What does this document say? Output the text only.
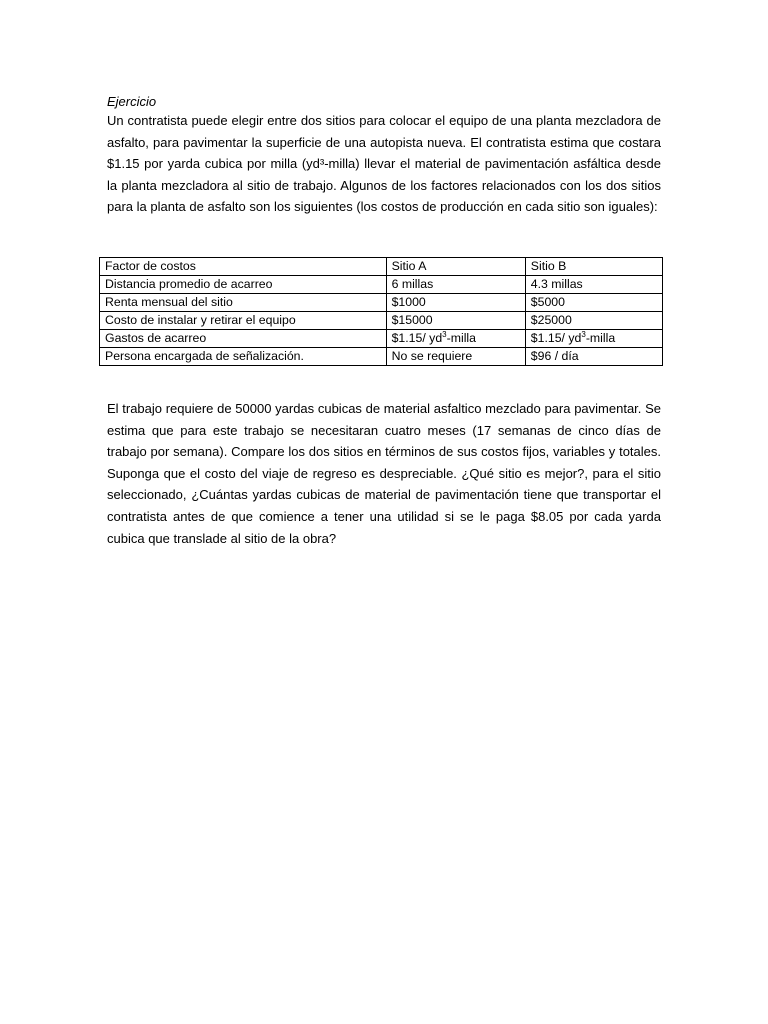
Ejercicio
Un contratista puede elegir entre dos sitios para colocar el equipo de una planta mezcladora de asfalto, para pavimentar la superficie de una autopista nueva. El contratista estima que costara $1.15 por yarda cubica por milla (yd³-milla) llevar el material de pavimentación asfáltica desde la planta mezcladora al sitio de trabajo. Algunos de los factores relacionados con los dos sitios para la planta de asfalto son los siguientes (los costos de producción en cada sitio son iguales):
Factor de costos	Sitio A	Sitio B
Distancia promedio de acarreo	6 millas	4.3 millas
Renta mensual del sitio	$1000	$5000
Costo de instalar y retirar el equipo	$15000	$25000
Gastos de acarreo	$1.15/ $yd^3$-milla	$1.15/ $yd^3$-milla
Persona encargada de señalización.	No se requiere	$96 / día
El trabajo requiere de 50000 yardas cubicas de material asfaltico mezclado para pavimentar. Se estima que para este trabajo se necesitaran cuatro meses (17 semanas de cinco días de trabajo por semana). Compare los dos sitios en términos de sus costos fijos, variables y totales. Suponga que el costo del viaje de regreso es despreciable. ¿Qué sitio es mejor?, para el sitio seleccionado, ¿Cuántas yardas cubicas de material de pavimentación tiene que transportar el contratista antes de que comience a tener una utilidad si se le paga $8.05 por cada yarda cubica que translade al sitio de la obra?
